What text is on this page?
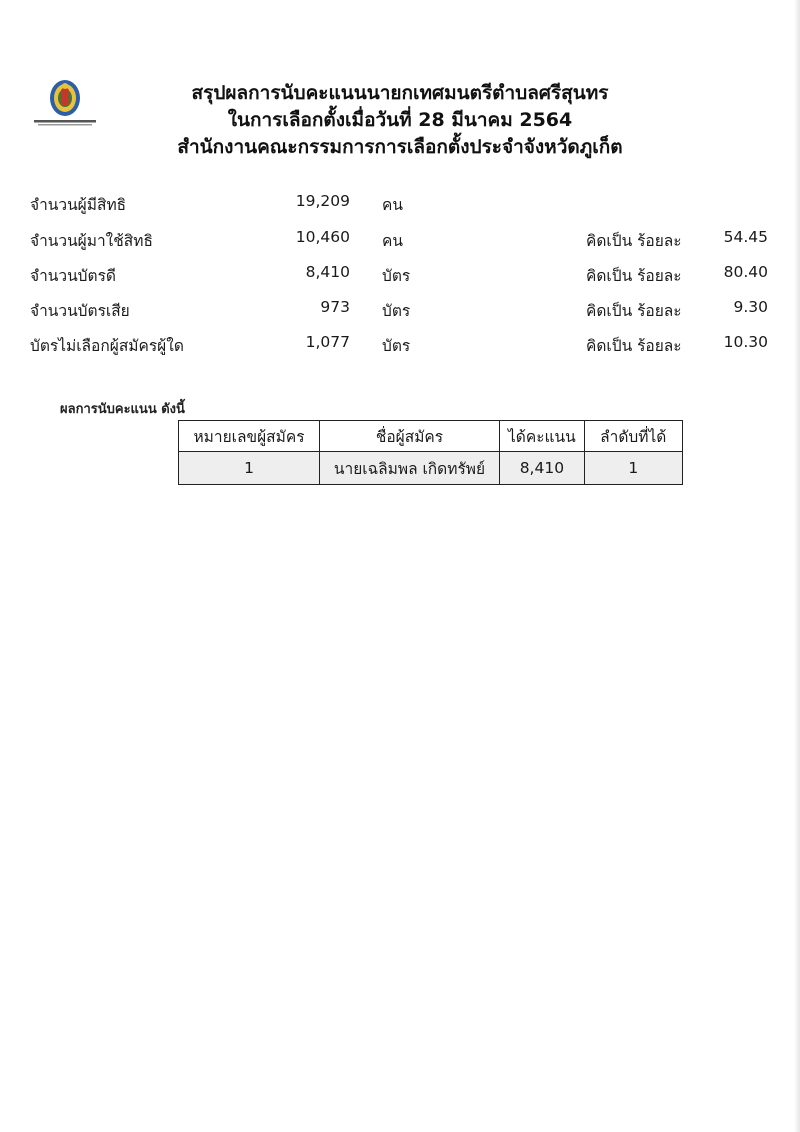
สรุปผลการนับคะแนนนายกเทศมนตรีตำบลศรีสุนทร
ในการเลือกตั้งเมื่อวันที่ 28 มีนาคม 2564
สำนักงานคณะกรรมการการเลือกตั้งประจำจังหวัดภูเก็ต
จำนวนผู้มีสิทธิ	19,209 คน
จำนวนผู้มาใช้สิทธิ	10,460 คน	คิดเป็น ร้อยละ	54.45
จำนวนบัตรดี	8,410 บัตร	คิดเป็น ร้อยละ	80.40
จำนวนบัตรเสีย	973 บัตร	คิดเป็น ร้อยละ	9.30
บัตรไม่เลือกผู้สมัครผู้ใด	1,077 บัตร	คิดเป็น ร้อยละ	10.30
ผลการนับคะแนน ดังนี้
หมายเลขผู้สมัคร	ชื่อผู้สมัคร	ได้คะแนน	ลำดับที่ได้
1	นายเฉลิมพล เกิดทรัพย์	8,410	1
